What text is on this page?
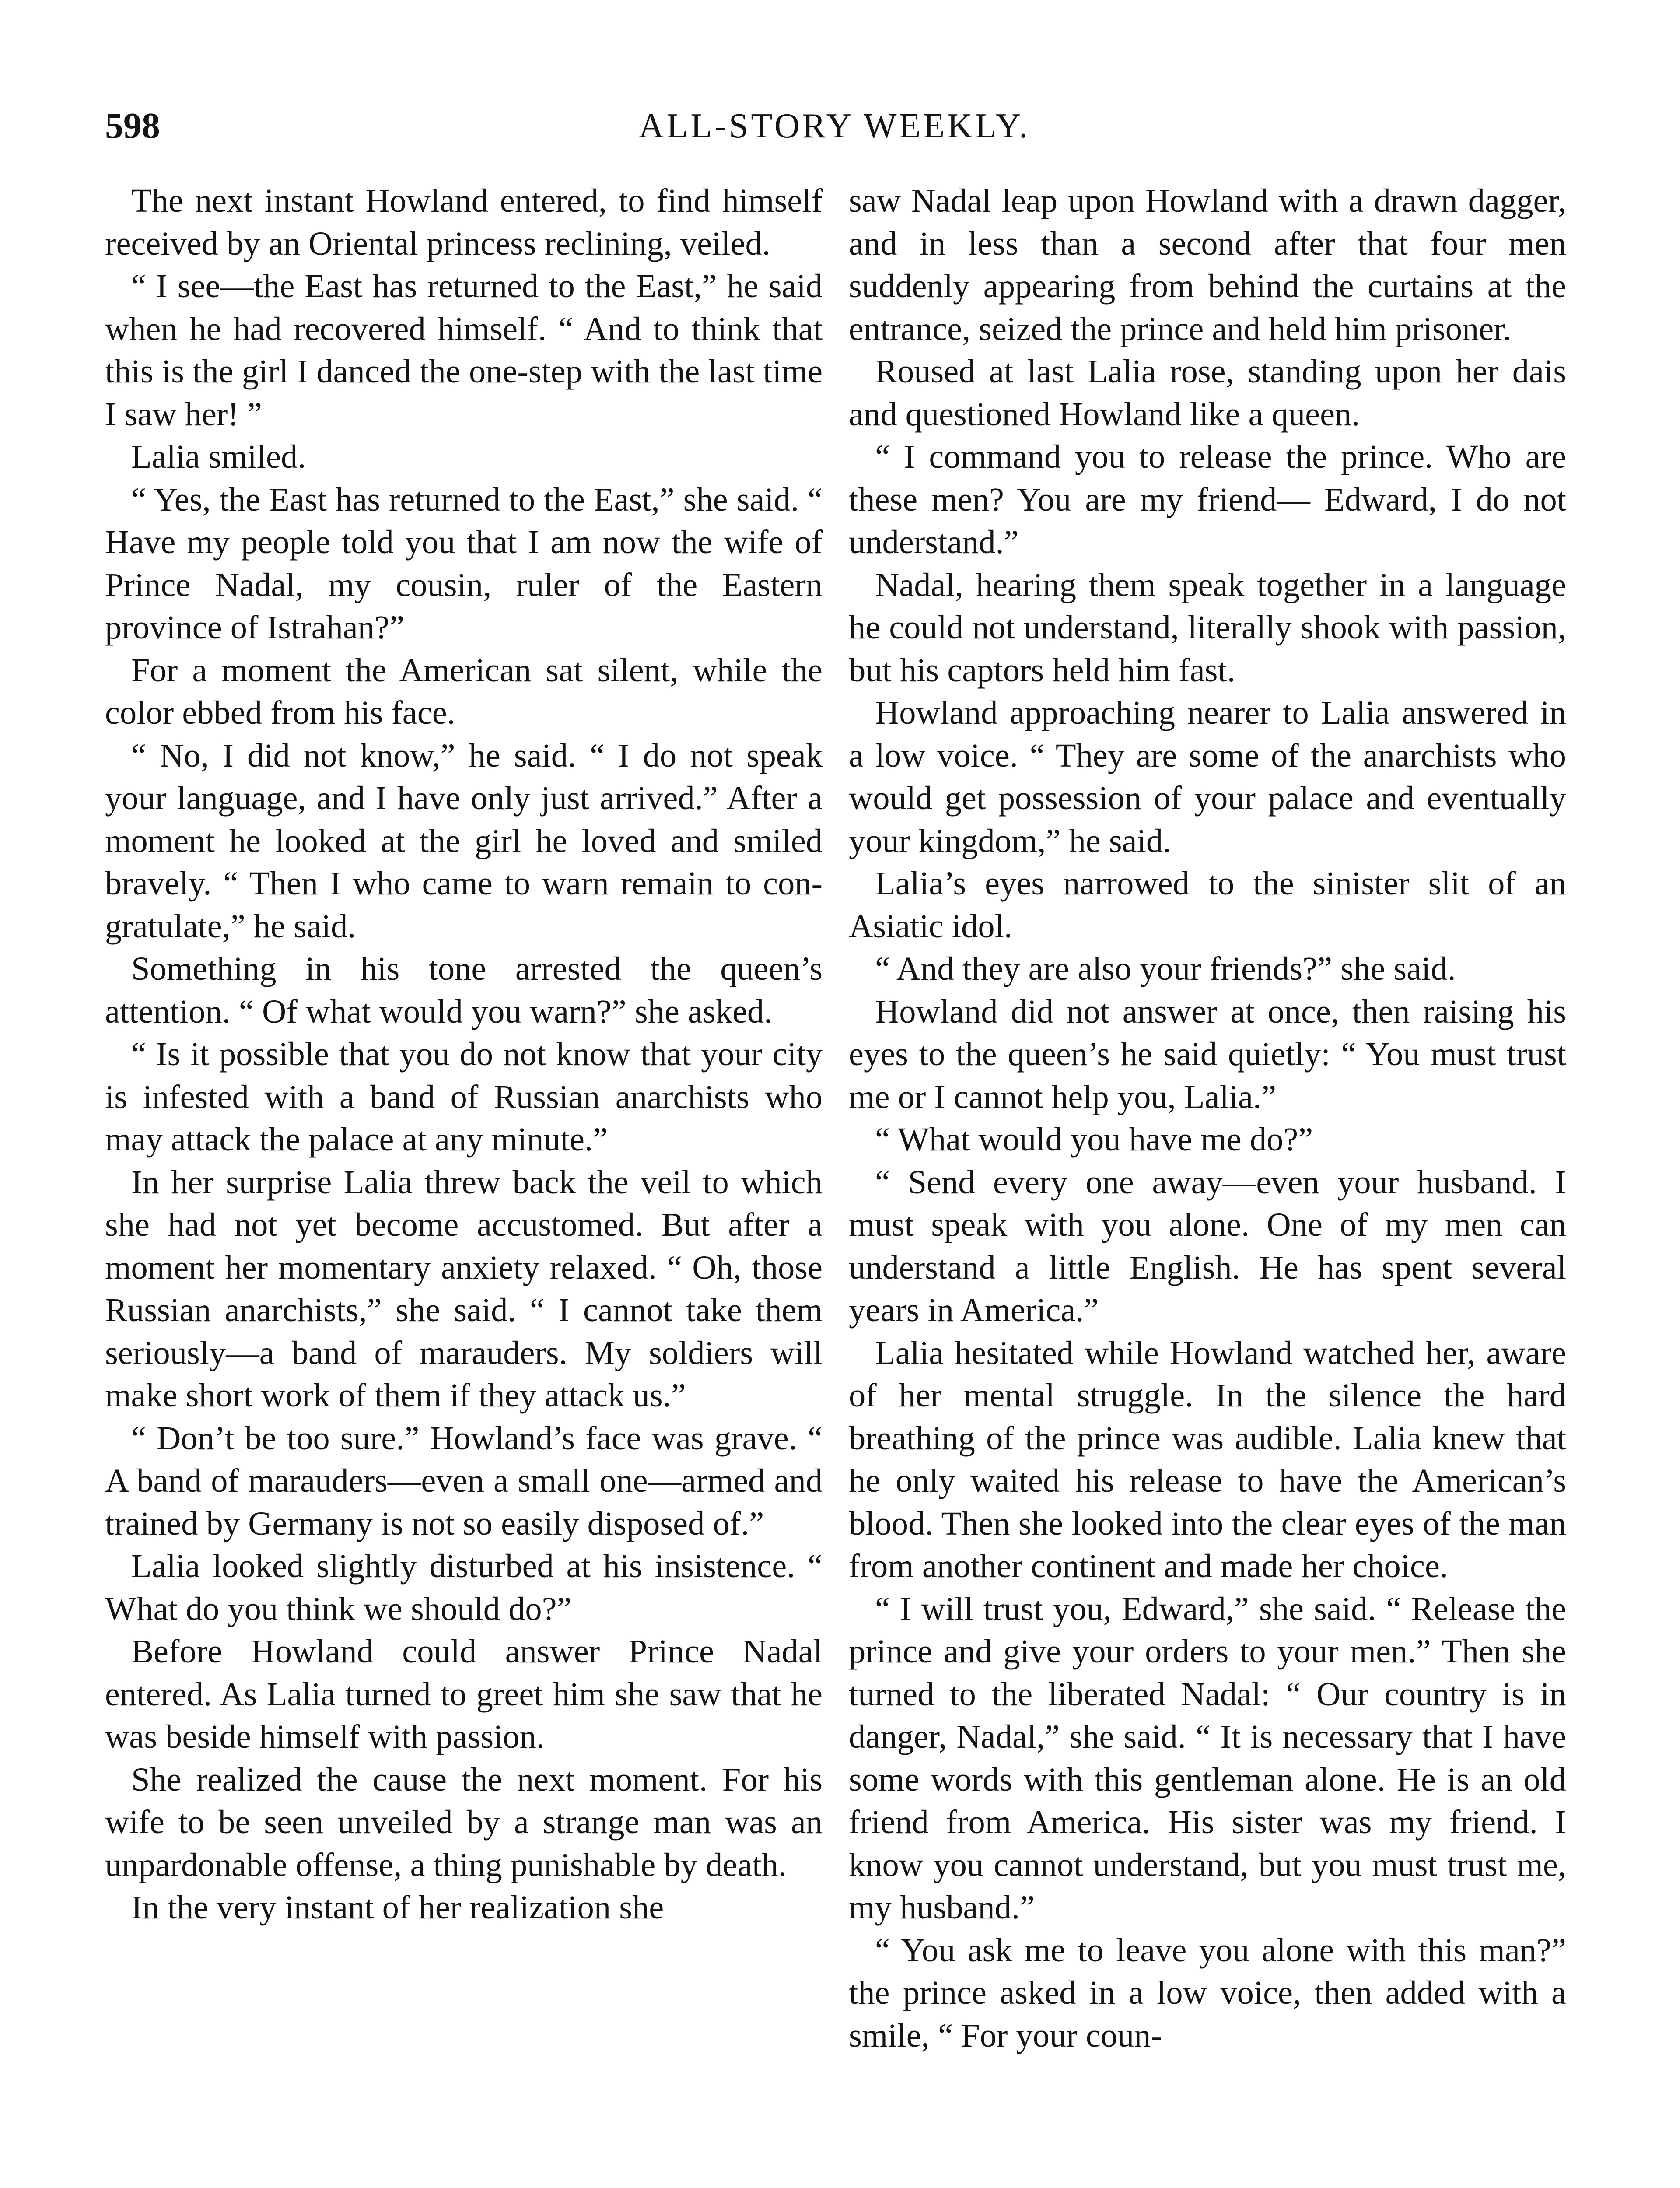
598	ALL-STORY WEEKLY.

The next instant Howland entered, to find himself received by an Oriental princess reclining, veiled.

“ I see—the East has returned to the East,” he said when he had recovered himself. “ And to think that this is the girl I danced the one-step with the last time I saw her! ”

Lalia smiled.

“ Yes, the East has returned to the East,” she said. “ Have my people told you that I am now the wife of Prince Nadal, my cousin, ruler of the Eastern province of Istrahan?”

For a moment the American sat silent, while the color ebbed from his face.

“ No, I did not know,” he said. “ I do not speak your language, and I have only just arrived.” After a moment he looked at the girl he loved and smiled bravely. “ Then I who came to warn remain to congratulate,” he said.

Something in his tone arrested the queen’s attention. “ Of what would you warn?” she asked.

“ Is it possible that you do not know that your city is infested with a band of Russian anarchists who may attack the palace at any minute.”

In her surprise Lalia threw back the veil to which she had not yet become accustomed. But after a moment her momentary anxiety relaxed. “ Oh, those Russian anarchists,” she said. “ I cannot take them seriously—a band of marauders. My soldiers will make short work of them if they attack us.”

“ Don’t be too sure.” Howland’s face was grave. “ A band of marauders—even a small one—armed and trained by Germany is not so easily disposed of.”

Lalia looked slightly disturbed at his insistence. “ What do you think we should do?”

Before Howland could answer Prince Nadal entered. As Lalia turned to greet him she saw that he was beside himself with passion.

She realized the cause the next moment. For his wife to be seen unveiled by a strange man was an unpardonable offense, a thing punishable by death.

In the very instant of her realization she

saw Nadal leap upon Howland with a drawn dagger, and in less than a second after that four men suddenly appearing from behind the curtains at the entrance, seized the prince and held him prisoner.

Roused at last Lalia rose, standing upon her dais and questioned Howland like a queen.

“ I command you to release the prince. Who are these men? You are my friend— Edward, I do not understand.”

Nadal, hearing them speak together in a language he could not understand, literally shook with passion, but his captors held him fast.

Howland approaching nearer to Lalia answered in a low voice. “ They are some of the anarchists who would get possession of your palace and eventually your kingdom,” he said.

Lalia’s eyes narrowed to the sinister slit of an Asiatic idol.

“ And they are also your friends?” she said.

Howland did not answer at once, then raising his eyes to the queen’s he said quietly: “ You must trust me or I cannot help you, Lalia.”

“ What would you have me do?”

“ Send every one away—even your husband. I must speak with you alone. One of my men can understand a little English. He has spent several years in America.”

Lalia hesitated while Howland watched her, aware of her mental struggle. In the silence the hard breathing of the prince was audible. Lalia knew that he only waited his release to have the American’s blood. Then she looked into the clear eyes of the man from another continent and made her choice.

“ I will trust you, Edward,” she said. “ Release the prince and give your orders to your men.” Then she turned to the liberated Nadal: “ Our country is in danger, Nadal,” she said. “ It is necessary that I have some words with this gentleman alone. He is an old friend from America. His sister was my friend. I know you cannot understand, but you must trust me, my husband.”

“ You ask me to leave you alone with this man?” the prince asked in a low voice, then added with a smile, “ For your coun-
